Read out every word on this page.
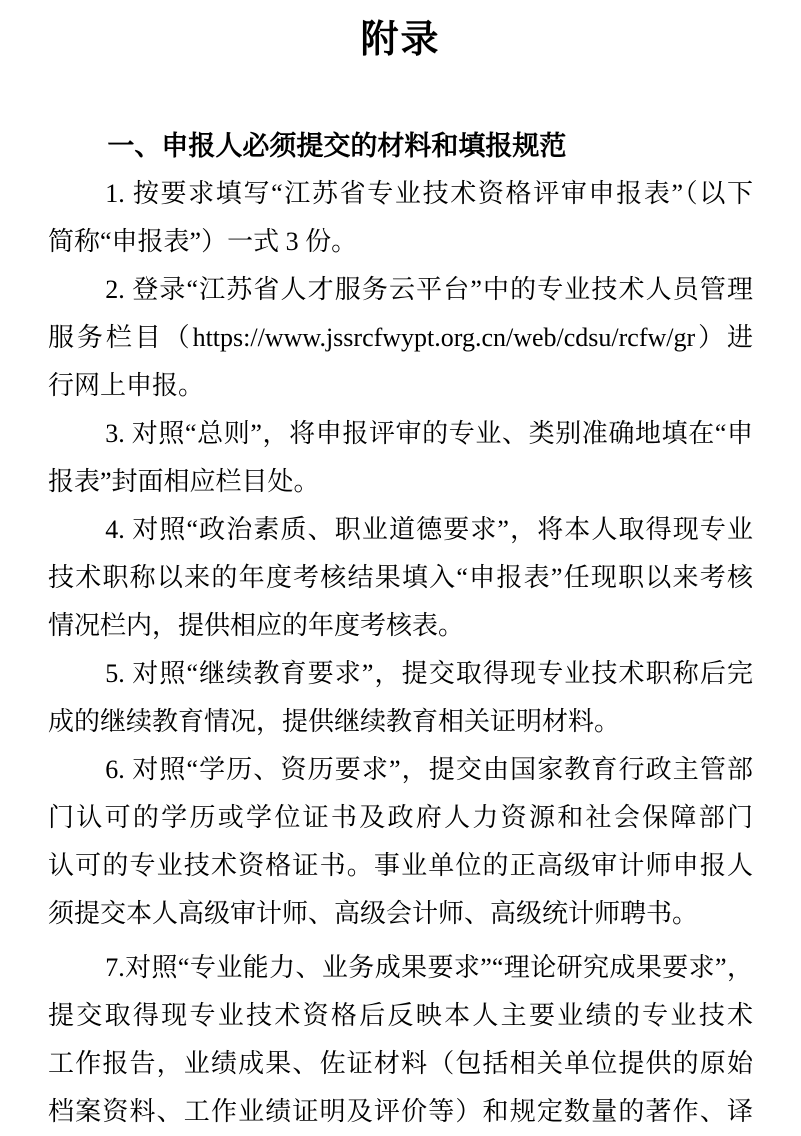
附录
一、申报人必须提交的材料和填报规范
1. 按要求填写“江苏省专业技术资格评审申报表”（以下
简称“申报表”）一式 3 份。
2. 登录“江苏省人才服务云平台”中的专业技术人员管理
服务栏目（https://www.jssrcfwypt.org.cn/web/cdsu/rcfw/gr）进
行网上申报。
3. 对照“总则”，将申报评审的专业、类别准确地填在“申
报表”封面相应栏目处。
4. 对照“政治素质、职业道德要求”，将本人取得现专业
技术职称以来的年度考核结果填入“申报表”任现职以来考核
情况栏内，提供相应的年度考核表。
5. 对照“继续教育要求”，提交取得现专业技术职称后完
成的继续教育情况，提供继续教育相关证明材料。
6. 对照“学历、资历要求”，提交由国家教育行政主管部
门认可的学历或学位证书及政府人力资源和社会保障部门
认可的专业技术资格证书。事业单位的正高级审计师申报人
须提交本人高级审计师、高级会计师、高级统计师聘书。
7.对照“专业能力、业务成果要求”“理论研究成果要求”，
提交取得现专业技术资格后反映本人主要业绩的专业技术
工作报告，业绩成果、佐证材料（包括相关单位提供的原始
档案资料、工作业绩证明及评价等）和规定数量的著作、译
